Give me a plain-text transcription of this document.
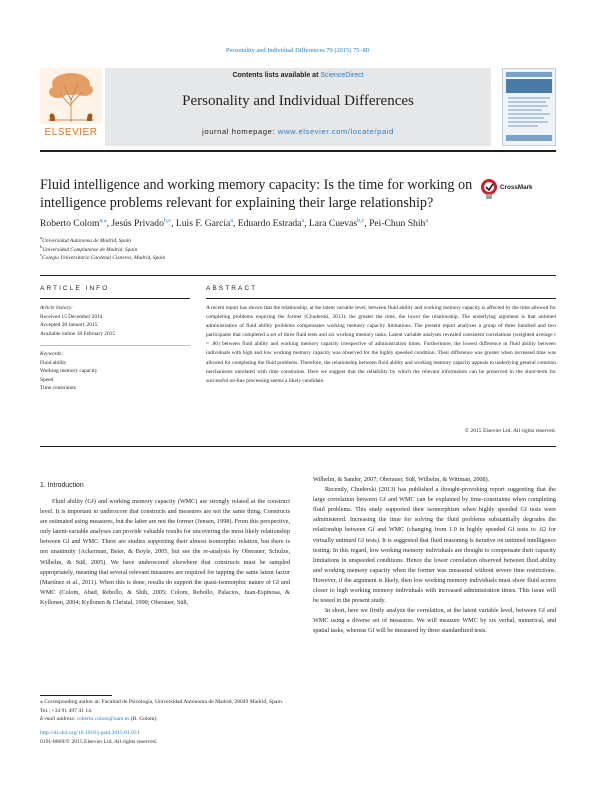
Personality and Individual Differences 79 (2015) 75–80
ELSEVIER
Contents lists available at ScienceDirect
Personality and Individual Differences
journal homepage: www.elsevier.com/locate/paid
Fluid intelligence and working memory capacity: Is the time for working on intelligence problems relevant for explaining their large relationship?
CrossMark
Roberto Colom$^{a,⁎}$, Jesús Privado$^{b,c}$, Luis F. García$^a$, Eduardo Estrada$^a$, Lara Cuevas$^{b,c}$, Pei-Chun Shih$^a$
$^a$Universidad Autónoma de Madrid, Spain
$^b$Universidad Complutense de Madrid, Spain
$^c$Colegio Universitario Cardenal Cisneros, Madrid, Spain
ARTICLE INFO
Article history:
Received 15 December 2014
Accepted 28 January 2015
Available online 18 February 2015
Keywords:
Fluid ability
Working memory capacity
Speed
Time constraints
ABSTRACT
A recent report has shown that the relationship, at the latent variable level, between fluid ability and working memory capacity is affected by the time allowed for completing problems requiring the former (Chuderski, 2013): the greater the time, the lower the relationship. The underlying argument is that untimed administration of fluid ability problems compensates working memory capacity limitations. The present report analyzes a group of three hundred and two participants that completed a set of three fluid tests and six working memory tasks. Latent variable analyses revealed consistent correlations (weighted average r = .86) between fluid ability and working memory capacity irrespective of administration times. Furthermore, the lowest difference in fluid ability between individuals with high and low working memory capacity was observed for the highly speeded condition. Their difference was greater when increased time was allowed for completing the fluid problems. Therefore, the relationship between fluid ability and working memory capacity appeals to underlying general common mechanisms unrelated with time constraints. Here we suggest that the reliability by which the relevant information can be preserved in the short-term for successful on-line processing seems a likely candidate.
© 2015 Elsevier Ltd. All rights reserved.
1. Introduction

Fluid ability (Gf) and working memory capacity (WMC) are strongly related at the construct level. It is important to underscore that constructs and measures are not the same thing. Constructs are estimated using measures, but the latter are not the former (Jensen, 1998). From this perspective, only latent-variable analyses can provide valuable results for uncovering the most likely relationship between Gf and WMC. There are studies supporting their almost isomorphic relation, but there is not unanimity (Ackerman, Beier, & Boyle, 2005, but see the re-analysis by Oberauer, Schulze, Wilhelm, & Süß, 2005). We have underscored elsewhere that constructs must be sampled appropriately, meaning that several relevant measures are required for tapping the same latent factor (Martínez et al., 2011). When this is done, results do support the quasi-isomorphic nature of Gf and WMC (Colom, Abad, Rebollo, & Shih, 2005; Colom, Rebollo, Palacios, Juan-Espinosa, & Kyllonen, 2004; Kyllonen & Christal, 1990; Oberauer, Süß,

Wilhelm, & Sander, 2007; Oberauer, Süß, Wilhelm, & Wittman, 2008).

Recently, Chuderski (2013) has published a thought-provoking report suggesting that the large correlation between Gf and WMC can be explained by time-constraints when completing fluid problems. This study supported their isomorphism when highly speeded Gf tests were administered. Increasing the time for solving the fluid problems substantially degrades the relationship between Gf and WMC (changing from 1.0 in highly speeded Gf tests to .62 for virtually untimed Gf tests). It is suggested that fluid reasoning is iterative on untimed intelligence testing. In this regard, low working memory individuals are thought to compensate their capacity limitations in unspeeded conditions. Hence the lower correlation observed between fluid ability and working memory capacity when the former was measured without severe time restrictions. However, if the argument is likely, then low working memory individuals must show fluid scores closer to high working memory individuals with increased administration times. This issue will be tested in the present study.

In short, here we firstly analyze the correlation, at the latent variable level, between Gf and WMC using a diverse set of measures. We will measure WMC by six verbal, numerical, and spatial tasks, whereas Gf will be measured by three standardized tests.

⁎ Corresponding author at: Facultad de Psicología, Universidad Autónoma de Madrid, 28049 Madrid, Spain. Tel.: +34 91 497 41 14.
E-mail address: roberto.colom@uam.es (R. Colom).
http://dx.doi.org/10.1016/j.paid.2015.01.051
0191-8869/© 2015 Elsevier Ltd. All rights reserved.
